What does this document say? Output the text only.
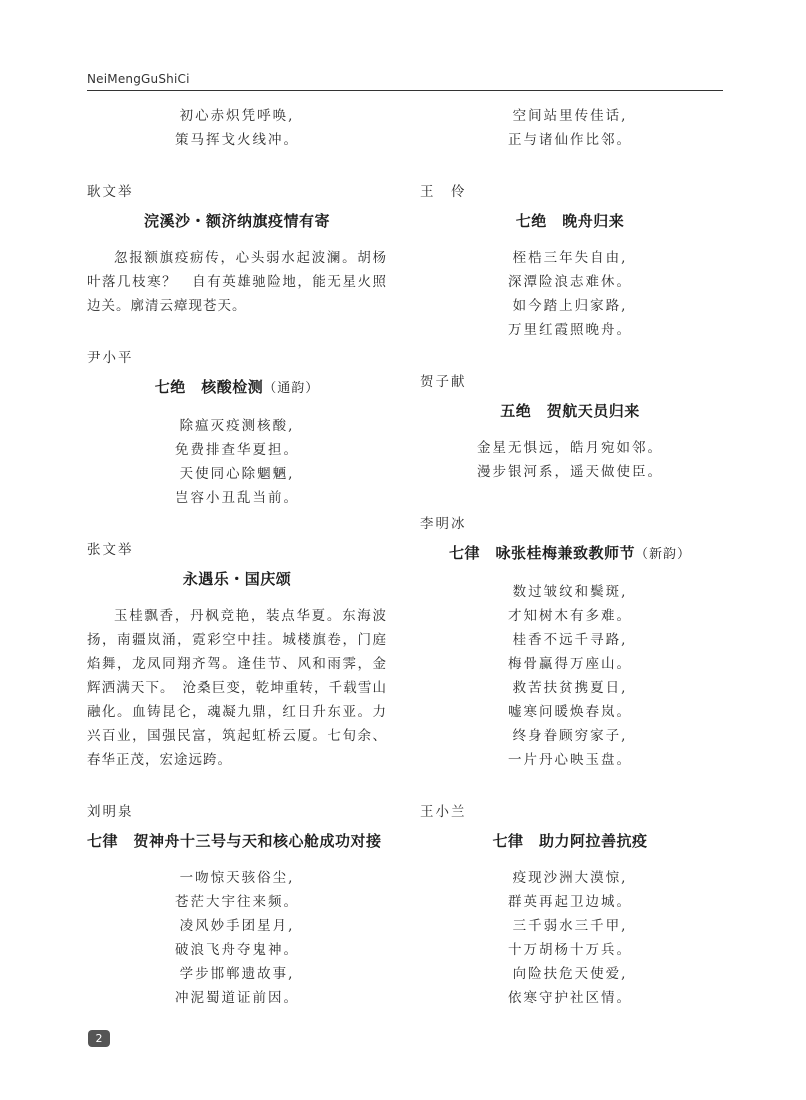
NeiMengGuShiCi
初心赤炽凭呼唤,
策马挥戈火线冲。
耿文举
浣溪沙・额济纳旗疫情有寄
忽报额旗疫疬传，心头弱水起波澜。胡杨叶落几枝寒？　自有英雄驰险地，能无星火照边关。廓清云瘴现苍天。
尹小平
七绝　核酸检测（通韵）
除瘟灭疫测核酸,
免费排查华夏担。
天使同心除魍魉,
岂容小丑乱当前。
张文举
永遇乐・国庆颂
玉桂飘香，丹枫竞艳，装点华夏。东海波扬，南疆岚涌，霓彩空中挂。城楼旗卷，门庭焰舞，龙凤同翔齐驾。逢佳节、风和雨霁，金辉洒满天下。　沧桑巨变，乾坤重转，千载雪山融化。血铸昆仑，魂凝九鼎，红日升东亚。力兴百业，国强民富，筑起虹桥云厦。七旬余、春华正茂，宏途远跨。
刘明泉
七律　贺神舟十三号与天和核心舱成功对接
一吻惊天骇俗尘,
苍茫大宇往来频。
凌风妙手团星月,
破浪飞舟夺鬼神。
学步邯郸遗故事,
冲泥蜀道证前因。
空间站里传佳话,
正与诸仙作比邻。
王　伶
七绝　晚舟归来
桎梏三年失自由,
深潭险浪志难休。
如今踏上归家路,
万里红霞照晚舟。
贺子献
五绝　贺航天员归来
金星无惧远，皓月宛如邻。
漫步银河系，遥天做使臣。
李明冰
七律　咏张桂梅兼致教师节（新韵）
数过皱纹和鬓斑,
才知树木有多难。
桂香不远千寻路,
梅骨赢得万座山。
救苦扶贫携夏日,
嘘寒问暖焕春岚。
终身眷顾穷家子,
一片丹心映玉盘。
王小兰
七律　助力阿拉善抗疫
疫现沙洲大漠惊,
群英再起卫边城。
三千弱水三千甲,
十万胡杨十万兵。
向险扶危天使爱,
依寒守护社区情。
2
